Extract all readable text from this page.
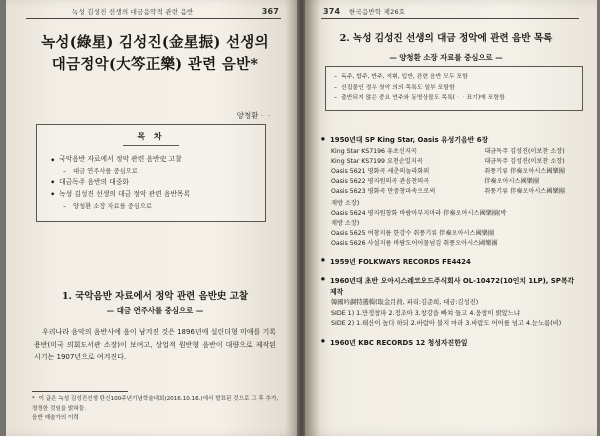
녹성 김성진 선생의 대금음악적 관련 음반	367
녹성(綠星) 김성진(金星振) 선생의
대금정악(大笒正樂) 관련 음반*
양청환ᆞᆞ
목 차
◆ 국악음반 자료에서 정악 관련 음반史 고찰
– 대금 연주사를 중심으로
◆ 대금독주 음반의 대중화
◆ 녹성 김성진 선생의 대금 정악 관련 음반목록
– 양청환 소장 자료를 중심으로
1. 국악음반 자료에서 정악 관련 음반史 고찰
— 대금 연주사를 중심으로 —
우리나라 음악의 음반사에 음이 남겨진 것은 1896년에 설린더형 미애를 기록 용반(미국 의회도서관 소장)이 보여고, 상업적 원반형 음반이 대량으로 제작된 시기는 1907년으로 여겨진다.
* 이 글은 녹성 김성진선생 탄신100주년기념학술대회(2016.10.16.)에서 발표된 것으로 그 후 추가, 정정한 것임을 밝혀둠.
음반 예술가의 이력
374 한국음반학 제26호
2. 녹성 김성진 선생의 대금 정악에 관련 음반 목록
— 양청환 소장 자료를 중심으로 —
– 독주, 합주, 반주, 지휘, 입반, 관련 음반 모두 포함
– 선집물인 경우 첫악 의의 목록도 일부 포함함
– 출반되지 않은 중요 연주와 동영상물도 목록(ᆞᆞ표기)에 포함함
● 1950년대 SP King Star, Oasis 유성기음반 6장
King Star KS7196 유초신지곡	대금독주 김성진(이보찬 소장)
King Star KS7199 요천순일지곡	대금독주 김성진(이보찬 소장)
Oasis 5621 평화곡 세춘의놀라화외	취풍기류 伴奏오아시스國樂團
Oasis 5622 평지원의곡 관음찬의곡	伴奏오아시스國樂團
Oasis 5623 평화곡 만중창파속으로써	취풍기류 伴奏오아시스國樂團
재방 소장)
Oasis 5624 평지원창화 바람아부지마라 伴奏오아시스國樂團(박
재방 소장)
Oasis 5625 여창지름 한강수 취풍기류 伴奏오아시스國樂團
Oasis 5626 사설지름 바람도어어물넘김 취풍오아시스國樂團
● 1959년 FOLKWAYS RECORDS FE4424
● 1960년대 초반 오아시스레코오드주식회사 OL-10472(10인치 1LP), SP복각제작
韓國吟調特選輯(取金月荷, 피리:김준희, 대금:김성진)
SIDE 1) 1.만정창파 2.정조아 3.창강을 빠쳐 들고 4.웅창이 밝았느냐
SIDE 2) 1.태산이 높다 하되 2.바람아 불지 마라 3.바람도 어어를 넘고 4.눈노름(비)
● 1960년 KBC RECORDS 12 청성자진한잎
